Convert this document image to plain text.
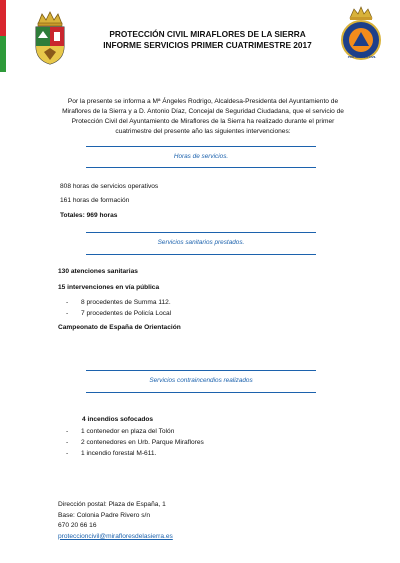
PROTECCIÓN CIVIL MIRAFLORES DE LA SIERRA
INFORME SERVICIOS PRIMER CUATRIMESTRE 2017
PROTECCION CIVIL

Por la presente se informa a Mª Ángeles Rodrigo, Alcaldesa-Presidenta del Ayuntamiento de Miraflores de la Sierra y a D. Antonio Díaz, Concejal de Seguridad Ciudadana, que el servicio de Protección Civil del Ayuntamiento de Miraflores de la Sierra ha realizado durante el primer cuatrimestre del presente año las siguientes intervenciones:

Horas de servicios.
808 horas de servicios operativos
161 horas de formación
Totales: 969 horas
Servicios sanitarios prestados.
130 atenciones sanitarias
15 intervenciones en vía pública
- 8 procedentes de Summa 112.
- 7 procedentes de Policía Local
Campeonato de España de Orientación
Servicios contraincendios realizados
4 incendios sofocados
- 1 contenedor en plaza del Tolón
- 2 contenedores en Urb. Parque Miraflores
- 1 incendio forestal M-611.
Dirección postal: Plaza de España, 1
Base: Colonia Padre Rivero s/n
670 20 66 16
proteccioncivil@mirafloresdelasierra.es
